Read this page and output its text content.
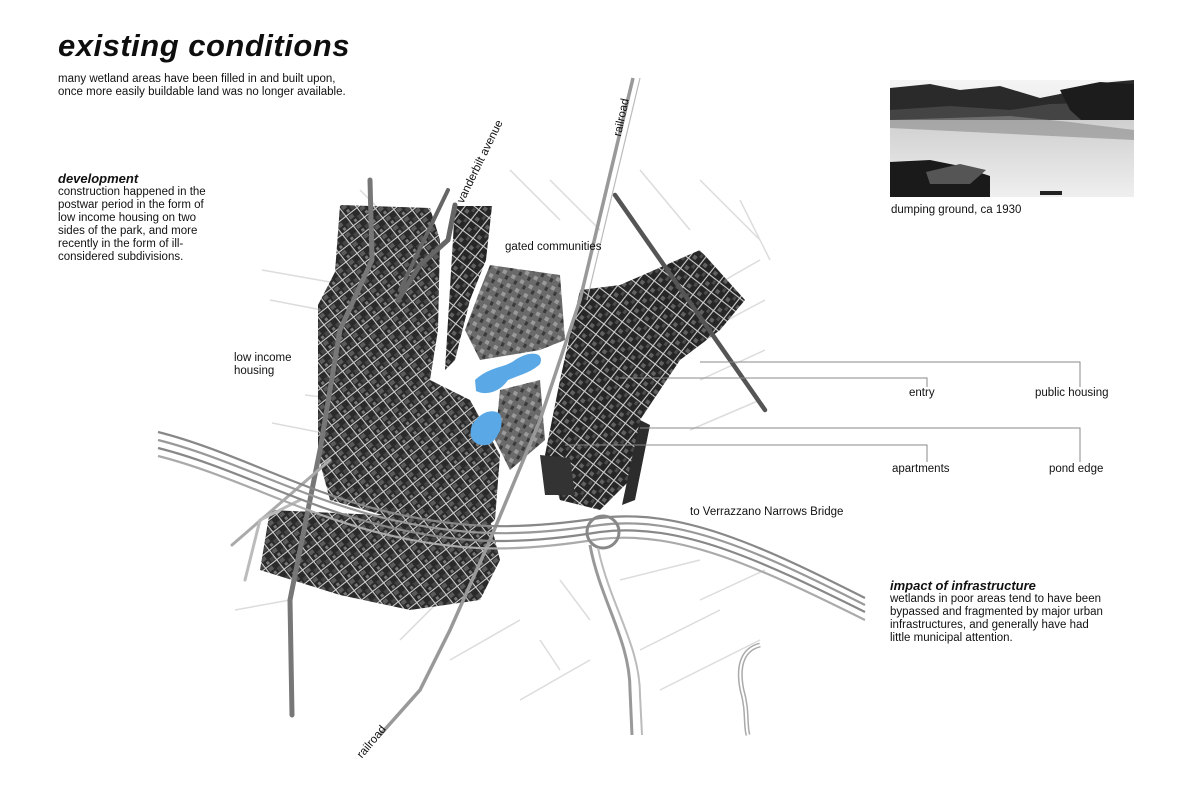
existing conditions
many wetland areas have been filled in and built upon,
once more easily buildable land was no longer available.
development
construction happened in the
postwar period in the form of
low income housing on two
sides of the park, and more
recently in the form of ill-
considered subdivisions.
dumping ground, ca 1930
vanderbilt avenue
railroad
railroad
gated communities
low income
housing
to Verrazzano Narrows Bridge
entry	public housing
apartments	pond edge
impact of infrastructure
wetlands in poor areas tend to have been
bypassed and fragmented by major urban
infrastructures, and generally have had
little municipal attention.
